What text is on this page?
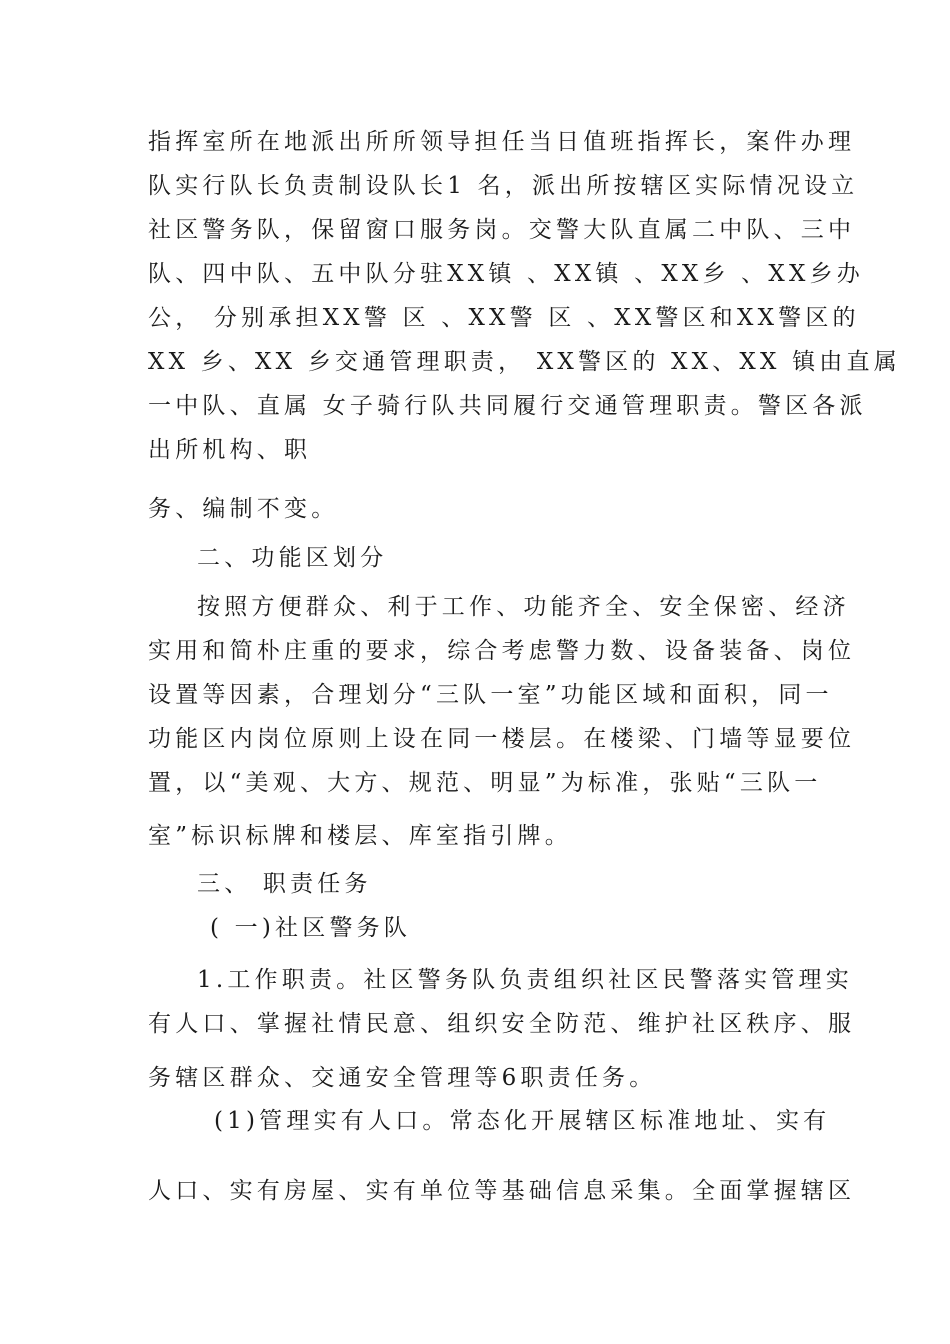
指挥室所在地派出所所领导担任当日值班指挥长，案件办理
队实行队长负责制设队长1 名，派出所按辖区实际情况设立
社区警务队，保留窗口服务岗。交警大队直属二中队、三中
队、四中队、五中队分驻XX镇 、XX镇 、XX乡 、XX乡办
公， 分别承担XX警 区 、XX警 区 、XX警区和XX警区的
XX 乡、XX 乡交通管理职责， XX警区的 XX、XX 镇由直属
一中队、直属 女子骑行队共同履行交通管理职责。警区各派
出所机构、职
务、编制不变。
二、功能区划分
按照方便群众、利于工作、功能齐全、安全保密、经济
实用和简朴庄重的要求，综合考虑警力数、设备装备、岗位
设置等因素，合理划分“三队一室”功能区域和面积，同一
功能区内岗位原则上设在同一楼层。在楼梁、门墙等显要位
置，以“美观、大方、规范、明显”为标准，张贴“三队一
室”标识标牌和楼层、库室指引牌。
三、 职责任务
( 一)社区警务队
1.工作职责。社区警务队负责组织社区民警落实管理实
有人口、掌握社情民意、组织安全防范、维护社区秩序、服
务辖区群众、交通安全管理等6职责任务。
(1)管理实有人口。常态化开展辖区标准地址、实有
人口、实有房屋、实有单位等基础信息采集。全面掌握辖区
